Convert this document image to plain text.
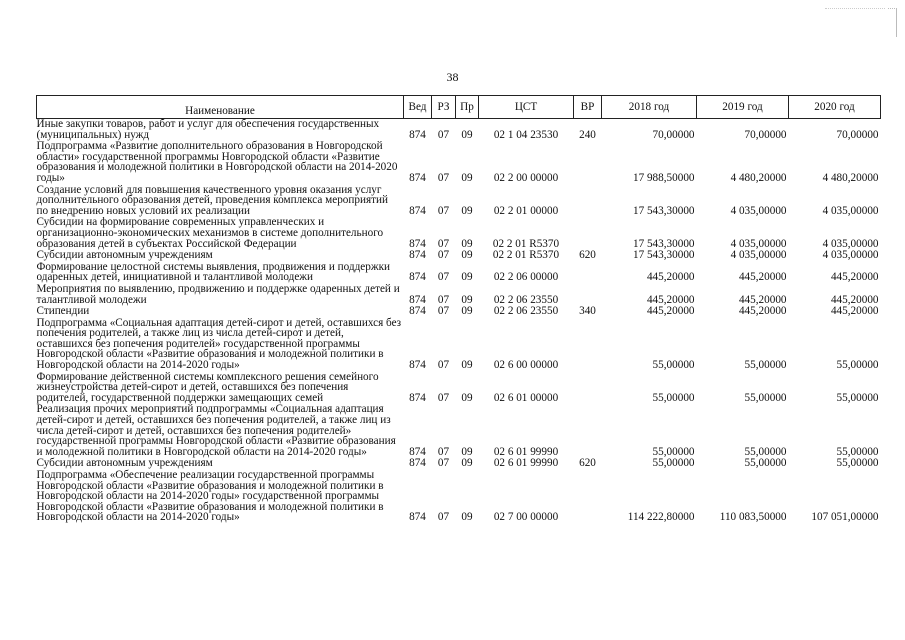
38
Наименование	Вед	РЗ	Пр	ЦСТ	ВР	2018 год	2019 год	2020 год
Иные закупки товаров, работ и услуг для обеспечения государственных (муниципальных) нужд	874	07	09	02 1 04 23530	240	70,00000	70,00000	70,00000
Подпрограмма «Развитие дополнительного образования в Новгородской области» государственной программы Новгородской области «Развитие образования и молодежной политики в Новгородской области на 2014-2020 годы»	874	07	09	02 2 00 00000		17 988,50000	4 480,20000	4 480,20000
Создание условий для повышения качественного уровня оказания услуг дополнительного образования детей, проведения комплекса мероприятий по внедрению новых условий их реализации	874	07	09	02 2 01 00000		17 543,30000	4 035,00000	4 035,00000
Субсидии на формирование современных управленческих и организационно-экономических механизмов в системе дополнительного образования детей в субъектах Российской Федерации	874	07	09	02 2 01 R5370		17 543,30000	4 035,00000	4 035,00000
Субсидии автономным учреждениям	874	07	09	02 2 01 R5370	620	17 543,30000	4 035,00000	4 035,00000
Формирование целостной системы выявления, продвижения и поддержки одаренных детей, инициативной и талантливой молодежи	874	07	09	02 2 06 00000		445,20000	445,20000	445,20000
Мероприятия по выявлению, продвижению и поддержке одаренных детей и талантливой молодежи	874	07	09	02 2 06 23550		445,20000	445,20000	445,20000
Стипендии	874	07	09	02 2 06 23550	340	445,20000	445,20000	445,20000
Подпрограмма «Социальная адаптация детей-сирот и детей, оставшихся без попечения родителей, а также лиц из числа детей-сирот и детей, оставшихся без попечения родителей» государственной программы Новгородской области «Развитие образования и молодежной политики в Новгородской области на 2014-2020 годы»	874	07	09	02 6 00 00000		55,00000	55,00000	55,00000
Формирование действенной системы комплексного решения семейного жизнеустройства детей-сирот и детей, оставшихся без попечения родителей, государственной поддержки замещающих семей	874	07	09	02 6 01 00000		55,00000	55,00000	55,00000
Реализация прочих мероприятий подпрограммы «Социальная адаптация детей-сирот и детей, оставшихся без попечения родителей, а также лиц из числа детей-сирот и детей, оставшихся без попечения родителей» государственной программы Новгородской области «Развитие образования и молодежной политики в Новгородской области на 2014-2020 годы»	874	07	09	02 6 01 99990		55,00000	55,00000	55,00000
Субсидии автономным учреждениям	874	07	09	02 6 01 99990	620	55,00000	55,00000	55,00000
Подпрограмма «Обеспечение реализации государственной программы Новгородской области «Развитие образования и молодежной политики в Новгородской области на 2014-2020 годы» государственной программы Новгородской области «Развитие образования и молодежной политики в Новгородской области на 2014-2020 годы»	874	07	09	02 7 00 00000		114 222,80000	110 083,50000	107 051,00000
